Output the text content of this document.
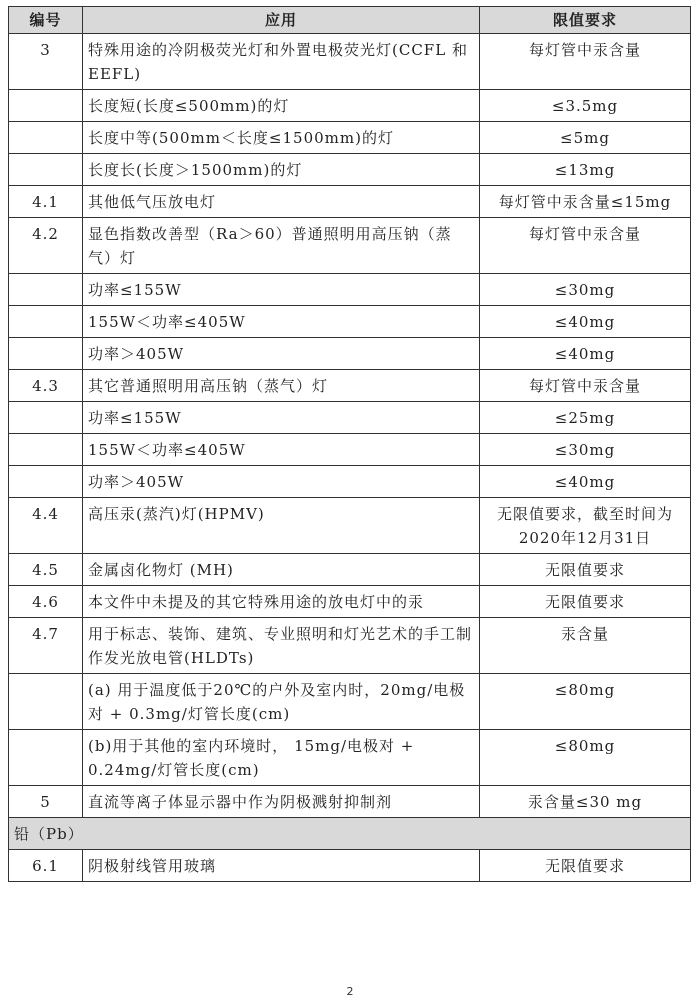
编号	应用	限值要求
3	特殊用途的冷阴极荧光灯和外置电极荧光灯(CCFL 和 EEFL)	每灯管中汞含量
	长度短(长度≤500mm)的灯	≤3.5mg
	长度中等(500mm＜长度≤1500mm)的灯	≤5mg
	长度长(长度＞1500mm)的灯	≤13mg
4.1	其他低气压放电灯	每灯管中汞含量≤15mg
4.2	显色指数改善型（Ra＞60）普通照明用高压钠（蒸气）灯	每灯管中汞含量
	功率≤155W	≤30mg
	155W＜功率≤405W	≤40mg
	功率＞405W	≤40mg
4.3	其它普通照明用高压钠（蒸气）灯	每灯管中汞含量
	功率≤155W	≤25mg
	155W＜功率≤405W	≤30mg
	功率＞405W	≤40mg
4.4	高压汞(蒸汽)灯(HPMV)	无限值要求，截至时间为2020年12月31日
4.5	金属卤化物灯 (MH)	无限值要求
4.6	本文件中未提及的其它特殊用途的放电灯中的汞	无限值要求
4.7	用于标志、装饰、建筑、专业照明和灯光艺术的手工制作发光放电管(HLDTs)	汞含量
	(a) 用于温度低于20℃的户外及室内时，20mg/电极对 + 0.3mg/灯管长度(cm)	≤80mg
	(b)用于其他的室内环境时， 15mg/电极对 + 0.24mg/灯管长度(cm)	≤80mg
5	直流等离子体显示器中作为阴极溅射抑制剂	汞含量≤30 mg
铅（Pb）		
6.1	阴极射线管用玻璃	无限值要求
2
